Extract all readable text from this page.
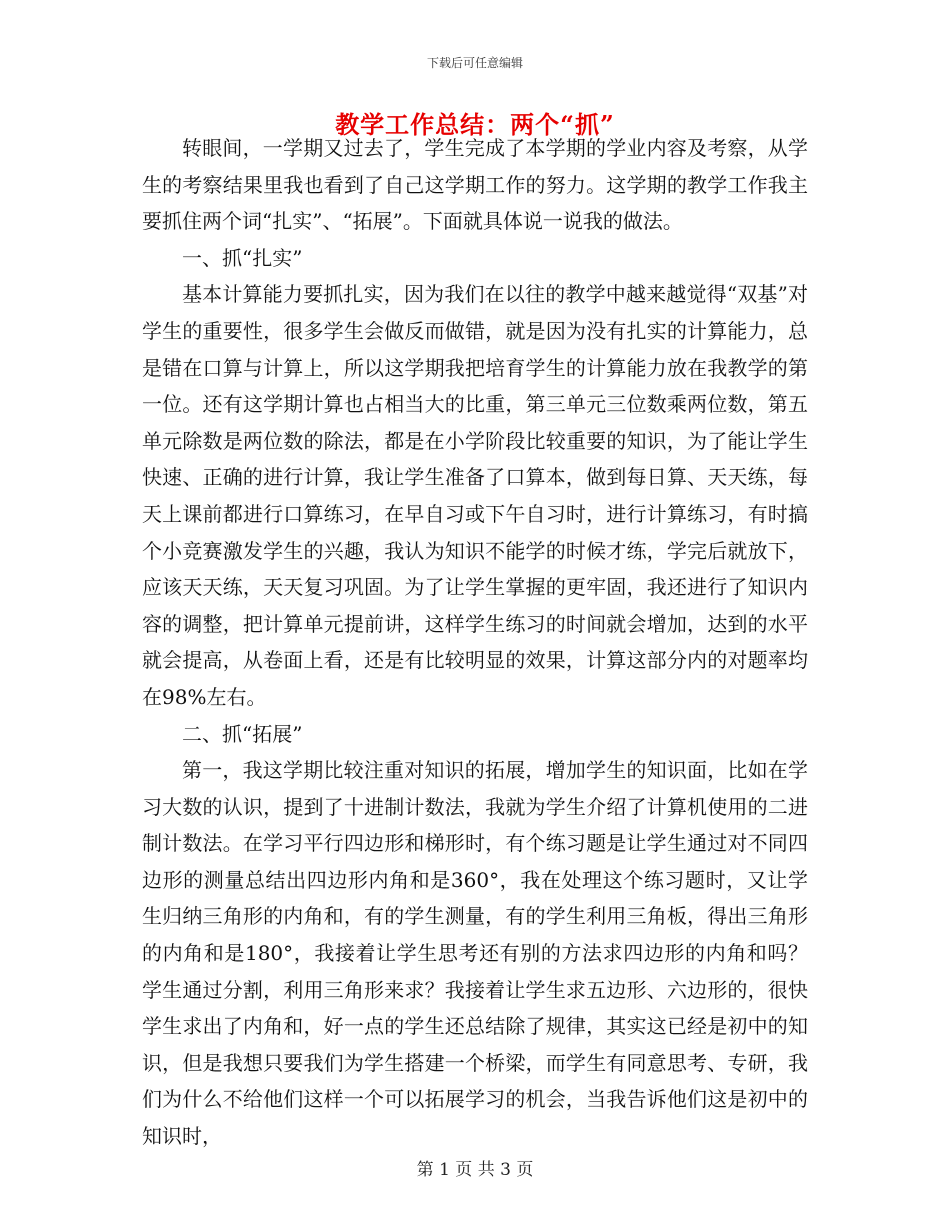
下载后可任意编辑
教学工作总结：两个“抓”

转眼间，一学期又过去了，学生完成了本学期的学业内容及考察，从学生的考察结果里我也看到了自己这学期工作的努力。这学期的教学工作我主要抓住两个词“扎实”、“拓展”。下面就具体说一说我的做法。

一、抓“扎实”

基本计算能力要抓扎实，因为我们在以往的教学中越来越觉得“双基”对学生的重要性，很多学生会做反而做错，就是因为没有扎实的计算能力，总是错在口算与计算上，所以这学期我把培育学生的计算能力放在我教学的第一位。还有这学期计算也占相当大的比重，第三单元三位数乘两位数，第五单元除数是两位数的除法，都是在小学阶段比较重要的知识，为了能让学生快速、正确的进行计算，我让学生准备了口算本，做到每日算、天天练，每天上课前都进行口算练习，在早自习或下午自习时，进行计算练习，有时搞个小竞赛激发学生的兴趣，我认为知识不能学的时候才练，学完后就放下，应该天天练，天天复习巩固。为了让学生掌握的更牢固，我还进行了知识内容的调整，把计算单元提前讲，这样学生练习的时间就会增加，达到的水平就会提高，从卷面上看，还是有比较明显的效果，计算这部分内的对题率均在98%左右。

二、抓“拓展”

第一，我这学期比较注重对知识的拓展，增加学生的知识面，比如在学习大数的认识，提到了十进制计数法，我就为学生介绍了计算机使用的二进制计数法。在学习平行四边形和梯形时，有个练习题是让学生通过对不同四边形的测量总结出四边形内角和是360°，我在处理这个练习题时，又让学生归纳三角形的内角和，有的学生测量，有的学生利用三角板，得出三角形的内角和是180°，我接着让学生思考还有别的方法求四边形的内角和吗？学生通过分割，利用三角形来求？我接着让学生求五边形、六边形的，很快学生求出了内角和，好一点的学生还总结除了规律，其实这已经是初中的知识，但是我想只要我们为学生搭建一个桥梁，而学生有同意思考、专研，我们为什么不给他们这样一个可以拓展学习的机会，当我告诉他们这是初中的知识时，

第 1 页 共 3 页
